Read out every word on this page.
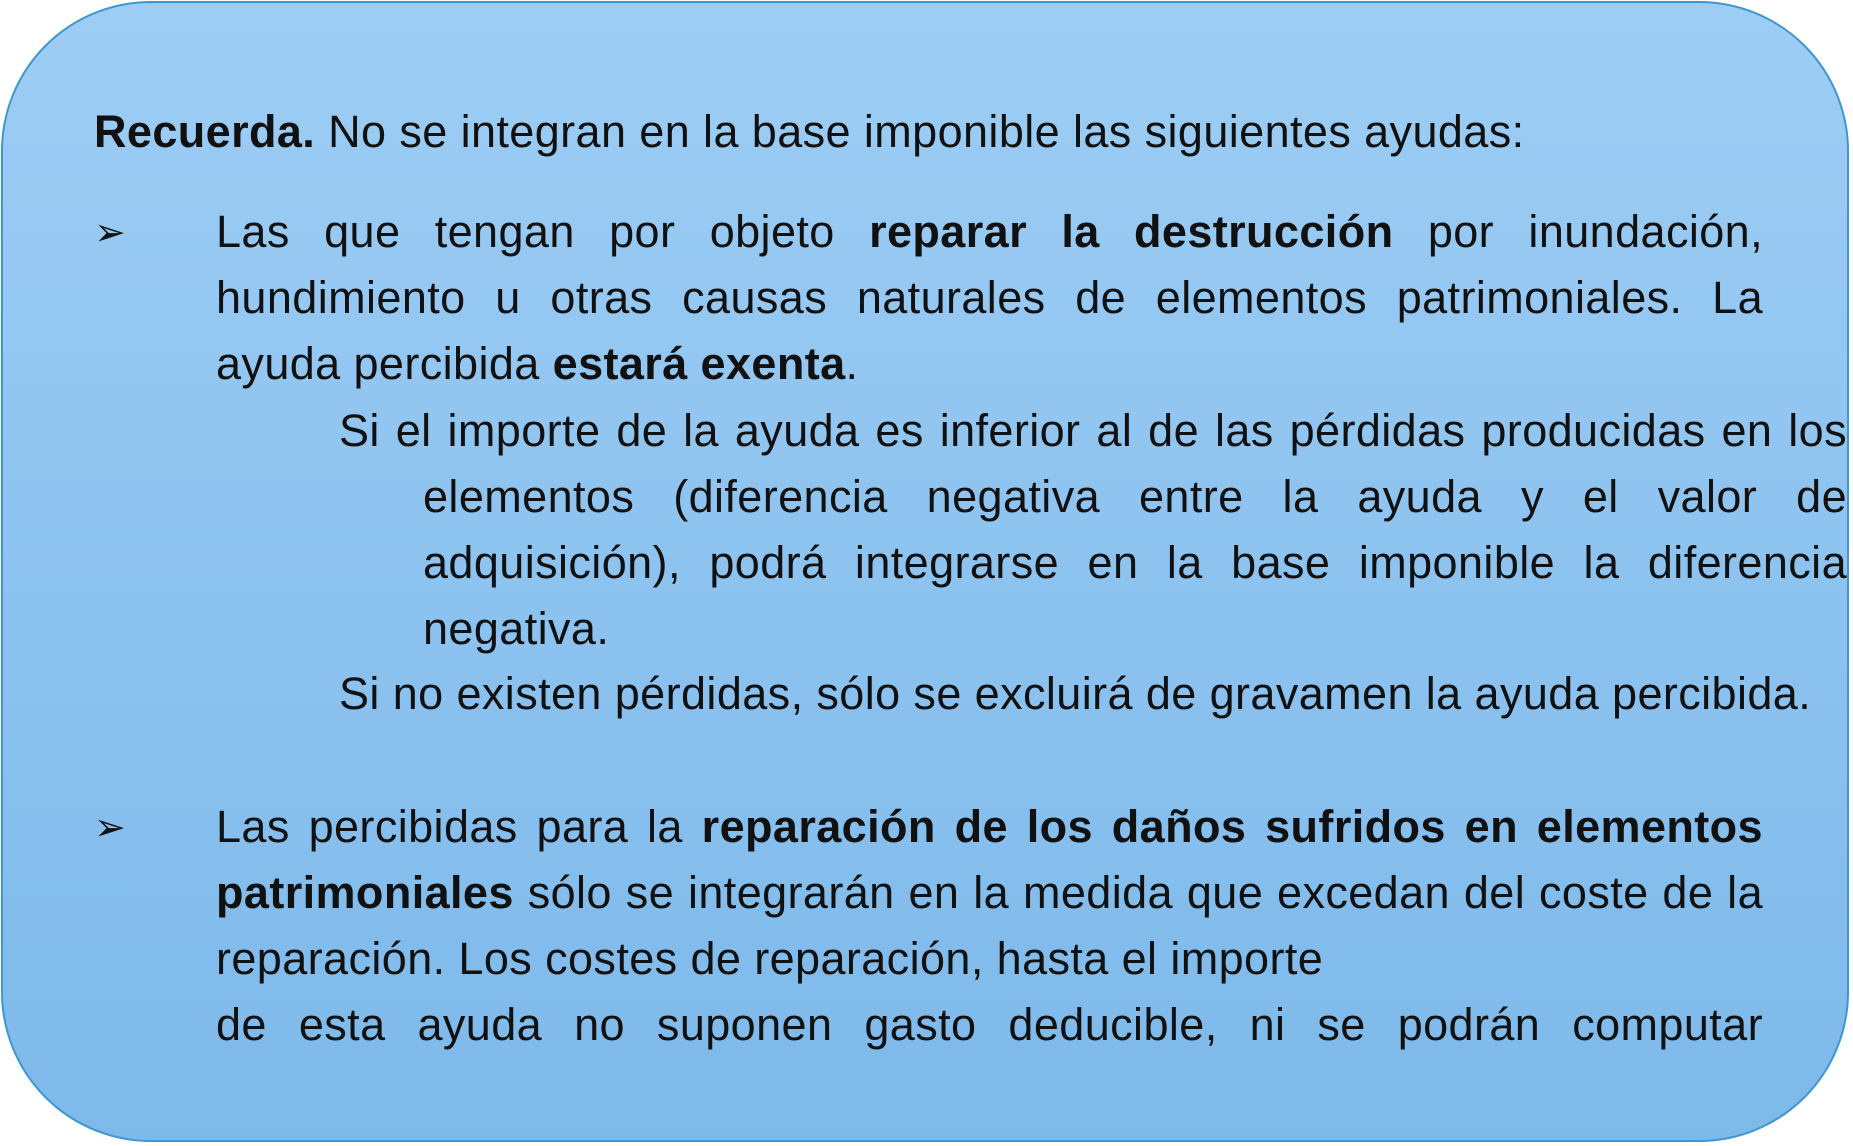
Recuerda. No se integran en la base imponible las siguientes ayudas:
➢ Las que tengan por objeto reparar la destrucción por inundación, hundimiento u otras causas naturales de elementos patrimoniales. La ayuda percibida estará exenta.
Si el importe de la ayuda es inferior al de las pérdidas producidas en los elementos (diferencia negativa entre la ayuda y el valor de adquisición), podrá integrarse en la base imponible la diferencia negativa.
Si no existen pérdidas, sólo se excluirá de gravamen la ayuda percibida.
➢ Las percibidas para la reparación de los daños sufridos en elementos patrimoniales sólo se integrarán en la medida que excedan del coste de la reparación. Los costes de reparación, hasta el importe
de esta ayuda no suponen gasto deducible, ni se podrán computar
